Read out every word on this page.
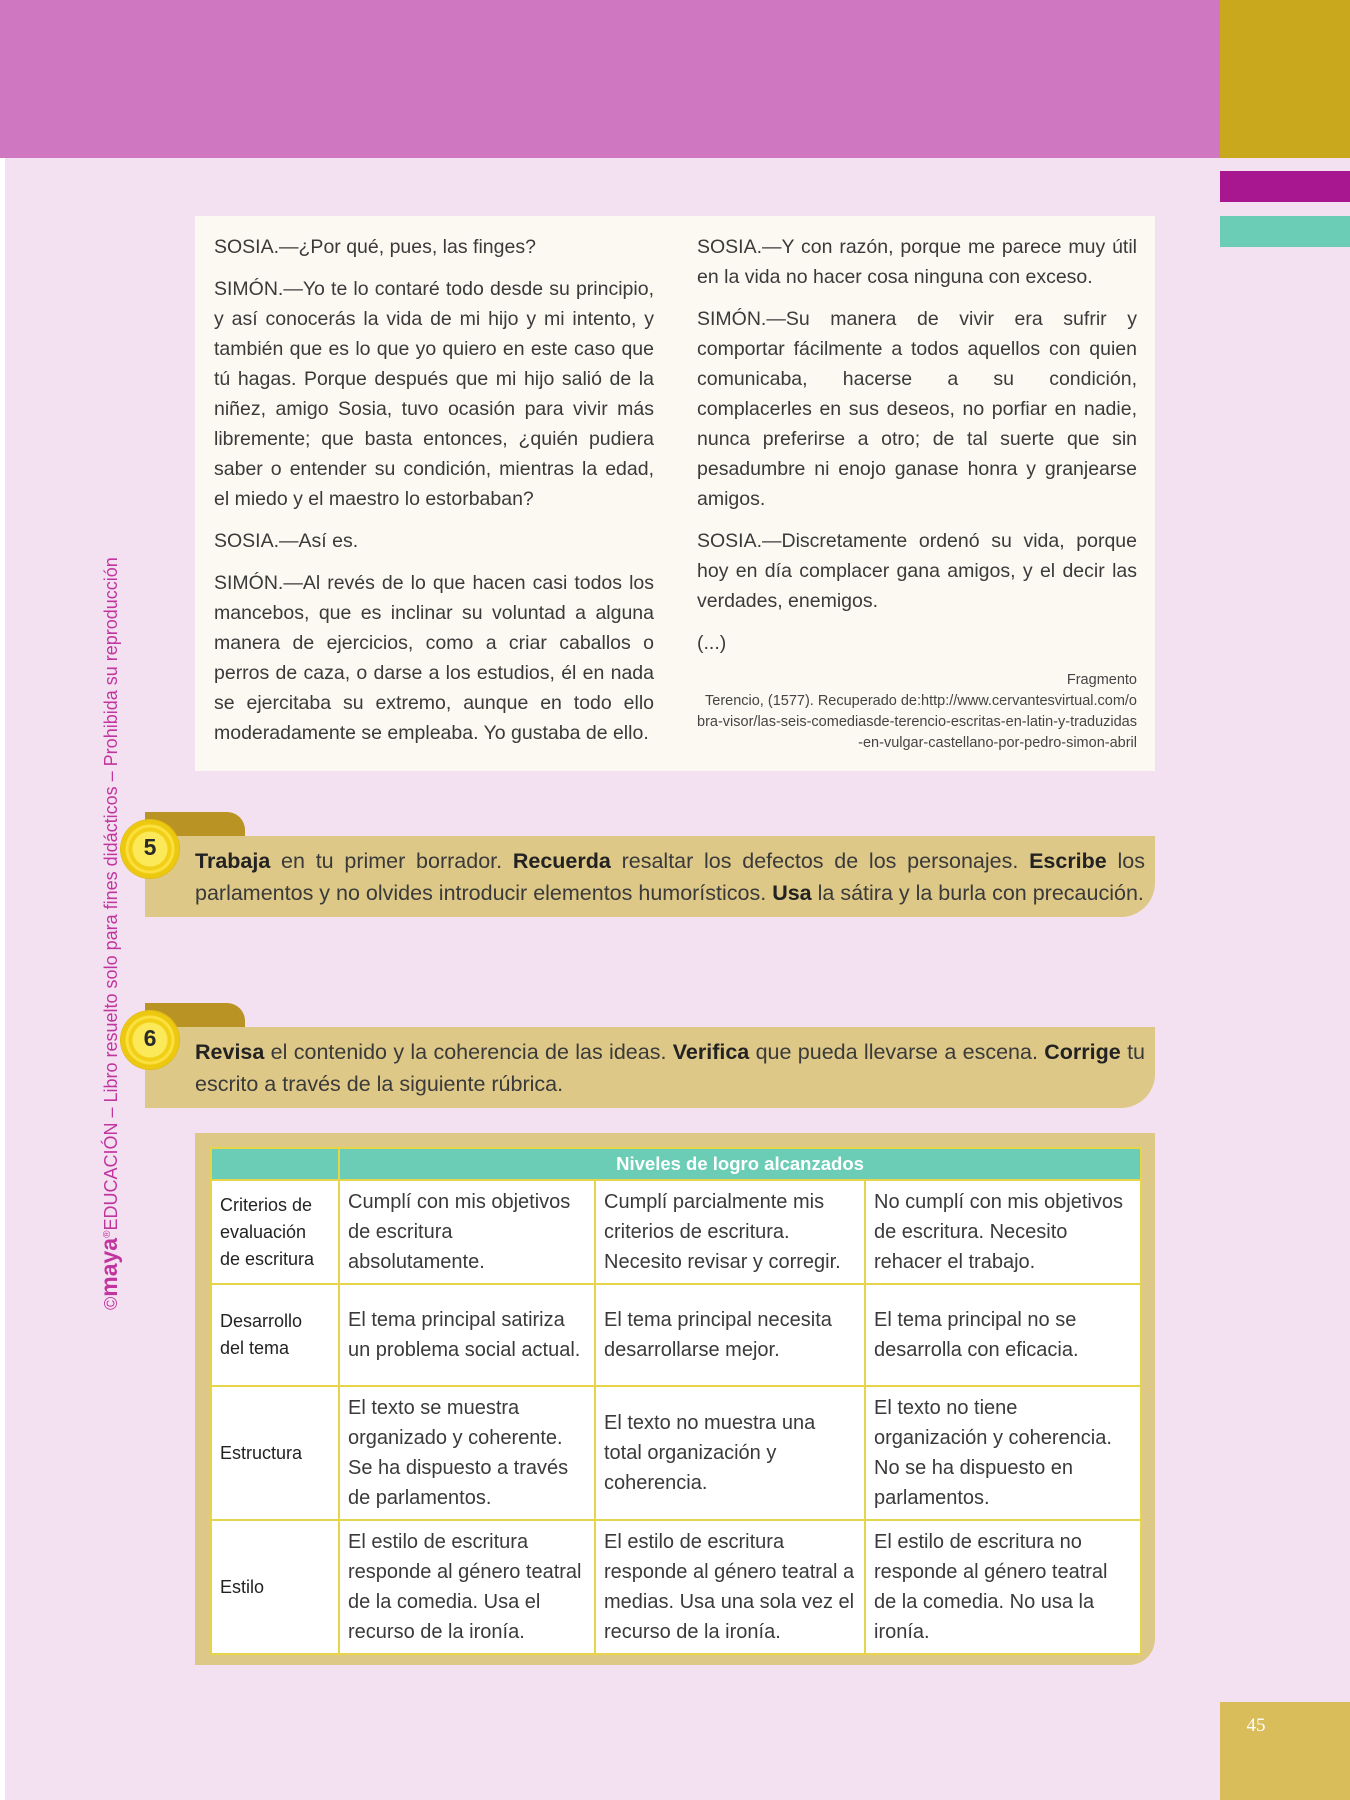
©maya®EDUCACIÓN – Libro resuelto solo para fines didácticos – Prohibida su reproducción

SOSIA.—¿Por qué, pues, las finges?

SIMÓN.—Yo te lo contaré todo desde su principio, y así conocerás la vida de mi hijo y mi intento, y también que es lo que yo quiero en este caso que tú hagas. Porque después que mi hijo salió de la niñez, amigo Sosia, tuvo ocasión para vivir más libremente; que basta entonces, ¿quién pudiera saber o entender su condición, mientras la edad, el miedo y el maestro lo estorbaban?

SOSIA.—Así es.

SIMÓN.—Al revés de lo que hacen casi todos los mancebos, que es inclinar su voluntad a alguna manera de ejercicios, como a criar caballos o perros de caza, o darse a los estudios, él en nada se ejercitaba su extremo, aunque en todo ello moderadamente se empleaba. Yo gustaba de ello.

SOSIA.—Y con razón, porque me parece muy útil en la vida no hacer cosa ninguna con exceso.

SIMÓN.—Su manera de vivir era sufrir y comportar fácilmente a todos aquellos con quien comunicaba, hacerse a su condición, complacerles en sus deseos, no porfiar en nadie, nunca preferirse a otro; de tal suerte que sin pesadumbre ni enojo ganase honra y granjearse amigos.

SOSIA.—Discretamente ordenó su vida, porque hoy en día complacer gana amigos, y el decir las verdades, enemigos.

(...)

Fragmento
Terencio, (1577). Recuperado de:http://www.cervantesvirtual.com/obra-visor/las-seis-comediasde-terencio-escritas-en-latin-y-traduzidas-en-vulgar-castellano-por-pedro-simon-abril
Trabaja en tu primer borrador. Recuerda resaltar los defectos de los personajes. Escribe los parlamentos y no olvides introducir elementos humorísticos. Usa la sátira y la burla con precaución.
5
Revisa el contenido y la coherencia de las ideas. Verifica que pueda llevarse a escena. Corrige tu escrito a través de la siguiente rúbrica.
6
	Niveles de logro alcanzados		
Criterios de evaluación de escritura	Cumplí con mis objetivos de escritura absolutamente.	Cumplí parcialmente mis criterios de escritura. Necesito revisar y corregir.	No cumplí con mis objetivos de escritura. Necesito rehacer el trabajo.
Desarrollo del tema	El tema principal satiriza un problema social actual.	El tema principal necesita desarrollarse mejor.	El tema principal no se desarrolla con eficacia.
Estructura	El texto se muestra organizado y coherente. Se ha dispuesto a través de parlamentos.	El texto no muestra una total organización y coherencia.	El texto no tiene organización y coherencia. No se ha dispuesto en parlamentos.
Estilo	El estilo de escritura responde al género teatral de la comedia. Usa el recurso de la ironía.	El estilo de escritura responde al género teatral a medias. Usa una sola vez el recurso de la ironía.	El estilo de escritura no responde al género teatral de la comedia. No usa la ironía.
45
